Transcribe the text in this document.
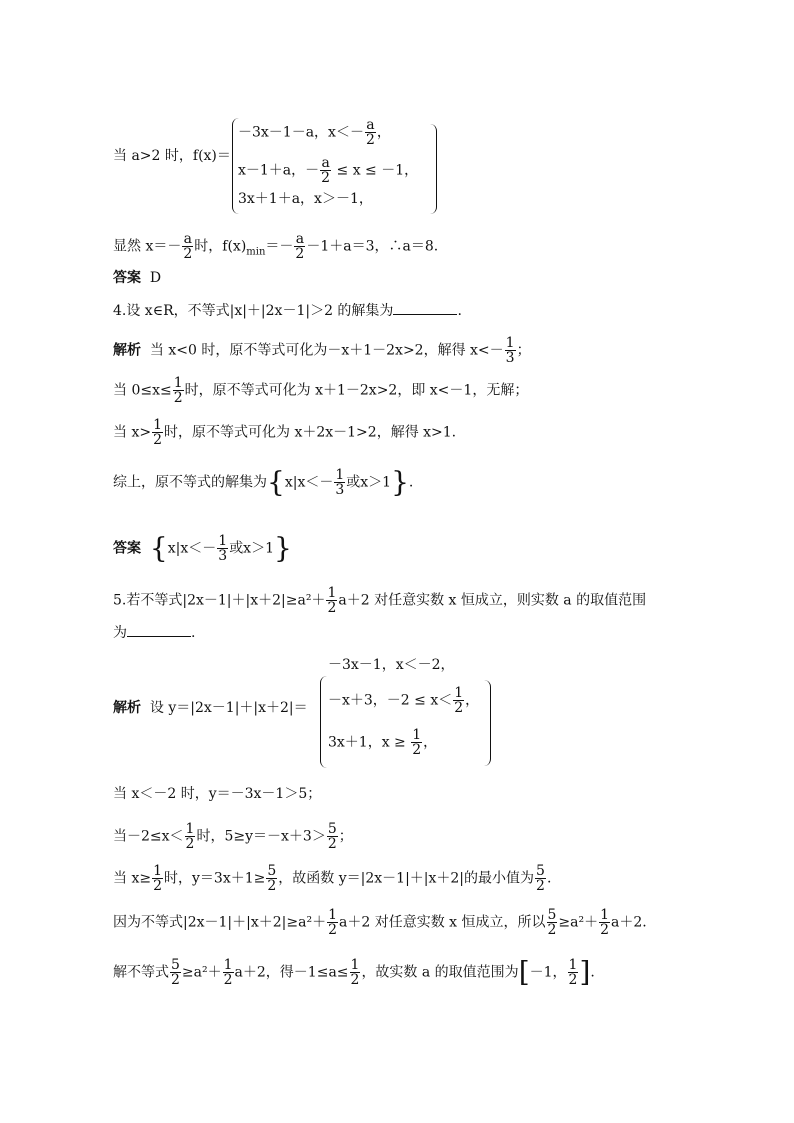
当 a>2 时，f(x)＝
－3x－1－a，$x<- \frac{a}{2}$ ，
x－1＋a，－ $\frac{a}{2} \le x \le -1$，
3x＋1＋a，x＞－1，
显然 $x=- \frac{a}{2}$ 时，$f(x)_{min}=- \frac{a}{2} -1+a=3$，∴a＝8.
答案 D
4.设 x∈R，不等式|x|＋|2x－1|＞2 的解集为	.
解析 当 x<0 时，原不等式可化为－x＋1－2x>2，解得 $x<- \frac{1}{3}$ ；
当 $0\le x\le \frac{1}{2}$ 时，原不等式可化为 x＋1－2x>2，即 x<－1，无解；
当 $x> \frac{1}{2}$ 时，原不等式可化为 x＋2x－1>2，解得 x>1.
综上，原不等式的解集为{$x|x<- \frac{1}{3}$ 或x＞1}.
答案 {$x|x<- \frac{1}{3}$ 或x＞1}
5.若不等式$|2x-1|+|x+2|\ge a^2+ \frac{1}{2} a+2$ 对任意实数 x 恒成立，则实数 a 的取值范围
为	.
解析 设 y＝|2x－1|＋|x＋2|＝
－3x－1，x＜－2，
－x＋3，$-2 \le x< \frac{1}{2}$ ，
3x＋1，$x \ge \frac{1}{2}$ ，
当 x＜－2 时，y＝－3x－1＞5；
当$-2\le x< \frac{1}{2}$ 时，$5\ge y=-x+3> \frac{5}{2}$ ；
当 $x\ge \frac{1}{2}$ 时，$y=3x+1\ge \frac{5}{2}$ ，故函数 y＝|2x－1|＋|x＋2|的最小值为 $\frac{5}{2}$ .
因为不等式$|2x-1|+|x+2|\ge a^2+ \frac{1}{2} a+2$ 对任意实数 x 恒成立，所以 $\frac{5}{2} \ge a^2+ \frac{1}{2} a+2$.
解不等式 $\frac{5}{2} \ge a^2+ \frac{1}{2} a+2$，得$-1\le a\le \frac{1}{2}$ ，故实数 a 的取值范围为[－1， $\frac{1}{2}$ ].
